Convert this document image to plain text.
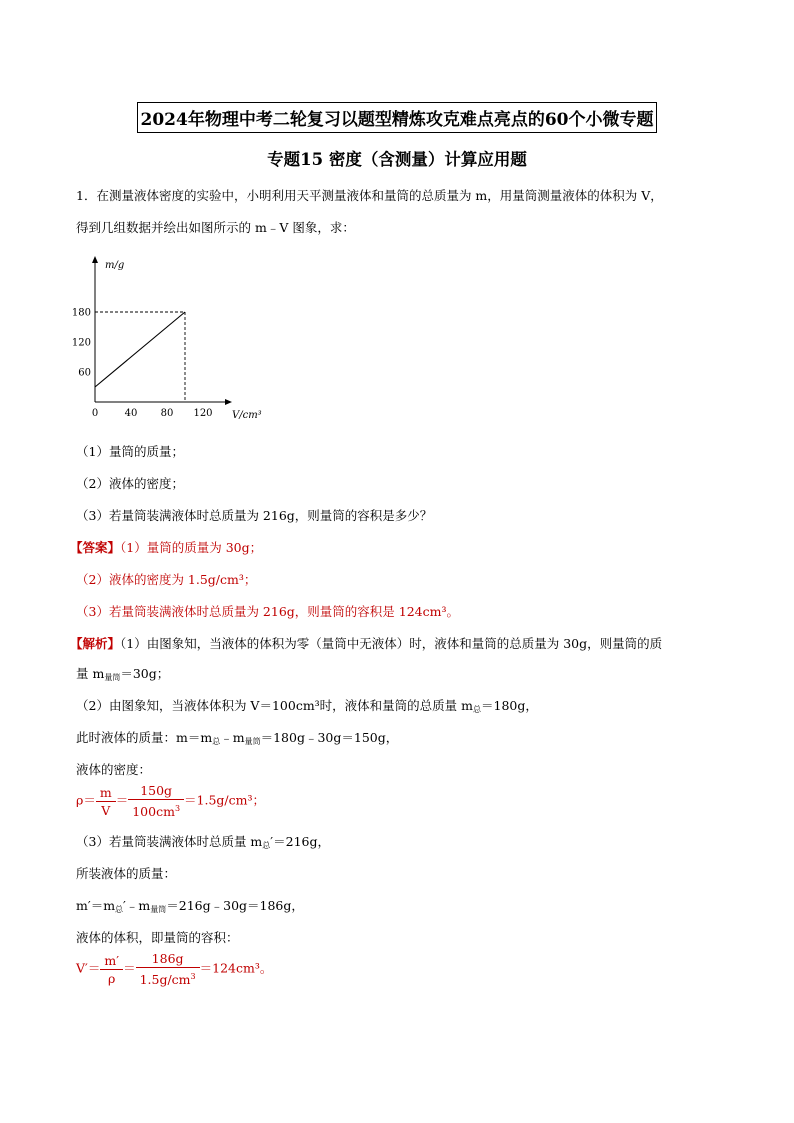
2024年物理中考二轮复习以题型精炼攻克难点亮点的60个小微专题
专题15 密度（含测量）计算应用题
1．在测量液体密度的实验中，小明利用天平测量液体和量筒的总质量为 m，用量筒测量液体的体积为 V，
得到几组数据并绘出如图所示的 m﹣V 图象，求：
60
120
180
0	40 80 120
m/g
V/cm³
（1）量筒的质量；
（2）液体的密度；
（3）若量筒装满液体时总质量为 216g，则量筒的容积是多少？
【答案】（1）量筒的质量为 30g；
（2）液体的密度为 1.5g/cm³；
（3）若量筒装满液体时总质量为 216g，则量筒的容积是 124cm³。
【解析】（1）由图象知，当液体的体积为零（量筒中无液体）时，液体和量筒的总质量为 30g，则量筒的质
量 $m_{量筒}=30g$；
（2）由图象知，当液体体积为 V＝100cm³时，液体和量筒的总质量 $m_总=180g$，
此时液体的质量：$m=m_总﹣m_{量筒}=180g﹣30g=150g$，
液体的密度：
$\rho= \frac{m}{V} = \frac{150g}{100cm^3} =1.5g/cm^3$；
（3）若量筒装满液体时总质量 $m_总'=216g$，
所装液体的质量：
$m'=m_总'﹣m_{量筒}=216g﹣30g=186g$，
液体的体积，即量筒的容积：
$V'= \frac{m'}{\rho} = \frac{186g}{1.5g/cm^3} =124cm^3$。
